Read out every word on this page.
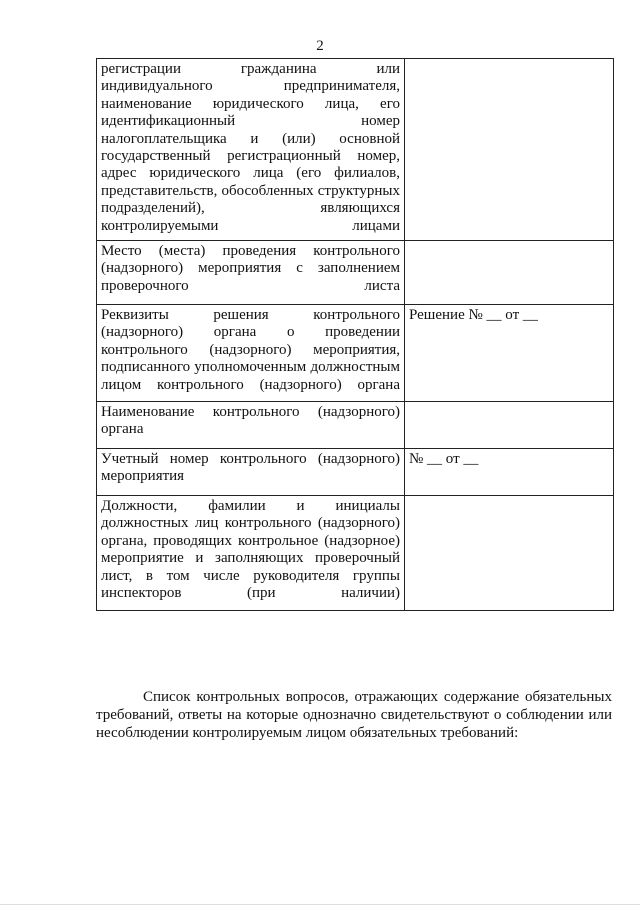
2
регистрации гражданина или индивидуального предпринимателя, наименование юридического лица, его идентификационный номер налогоплательщика и (или) основной государственный регистрационный номер, адрес юридического лица (его филиалов, представительств, обособленных структурных подразделений), являющихся контролируемыми лицами	
Место (места) проведения контрольного (надзорного) мероприятия с заполнением проверочного листа	
Реквизиты решения контрольного (надзорного) органа о проведении контрольного (надзорного) мероприятия, подписанного уполномоченным должностным лицом контрольного (надзорного) органа	Решение № __ от __
Наименование контрольного (надзорного) органа	
Учетный номер контрольного (надзорного) мероприятия	№ __ от __
Должности, фамилии и инициалы должностных лиц контрольного (надзорного) органа, проводящих контрольное (надзорное) мероприятие и заполняющих проверочный лист, в том числе руководителя группы инспекторов (при наличии)	

Список контрольных вопросов, отражающих содержание обязательных требований, ответы на которые однозначно свидетельствуют о соблюдении или несоблюдении контролируемым лицом обязательных требований:
